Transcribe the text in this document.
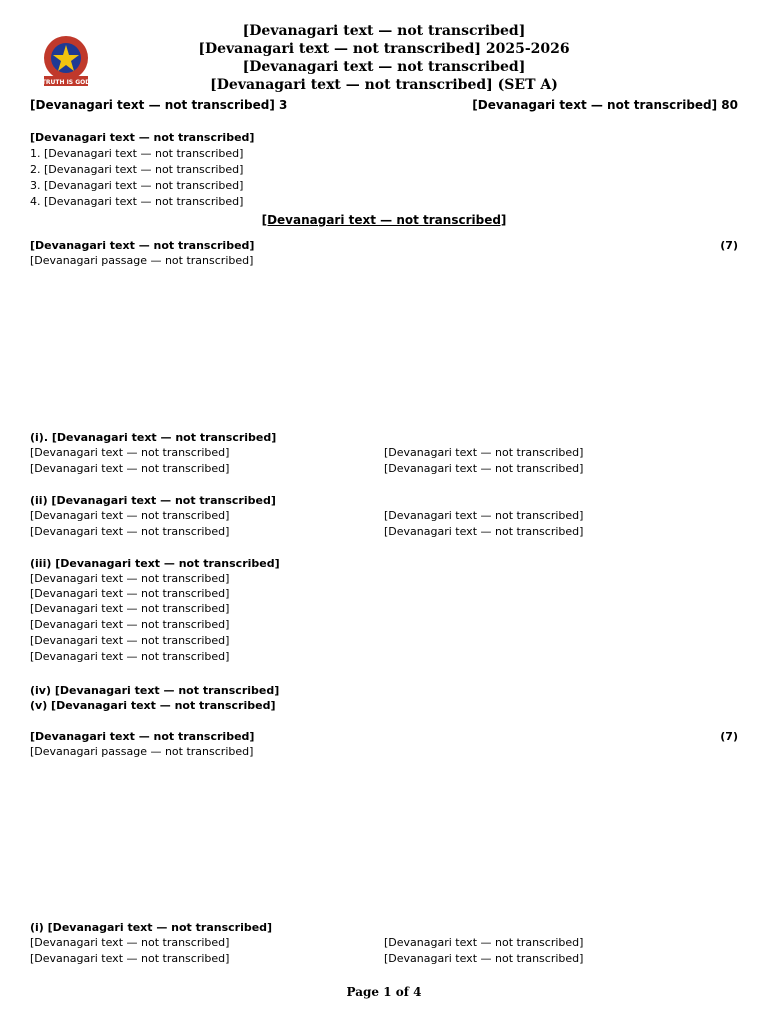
TRUTH IS GOD
[Devanagari text — not transcribed]
[Devanagari text — not transcribed] 2025-2026
[Devanagari text — not transcribed]
[Devanagari text — not transcribed] (SET A)
[Devanagari text — not transcribed] 3	[Devanagari text — not transcribed] 80
[Devanagari text — not transcribed]
1. [Devanagari text — not transcribed]
2. [Devanagari text — not transcribed]
3. [Devanagari text — not transcribed]
4. [Devanagari text — not transcribed]
[Devanagari text — not transcribed]
[Devanagari text — not transcribed]	(7)
[Devanagari passage — not transcribed]
(i). [Devanagari text — not transcribed]
[Devanagari text — not transcribed]	[Devanagari text — not transcribed]
[Devanagari text — not transcribed]	[Devanagari text — not transcribed]
(ii) [Devanagari text — not transcribed]
[Devanagari text — not transcribed]	[Devanagari text — not transcribed]
[Devanagari text — not transcribed]	[Devanagari text — not transcribed]
(iii) [Devanagari text — not transcribed]
[Devanagari text — not transcribed]
[Devanagari text — not transcribed]
[Devanagari text — not transcribed]
[Devanagari text — not transcribed]
[Devanagari text — not transcribed]
[Devanagari text — not transcribed]
(iv) [Devanagari text — not transcribed]
(v) [Devanagari text — not transcribed]
[Devanagari text — not transcribed]	(7)
[Devanagari passage — not transcribed]
(i) [Devanagari text — not transcribed]
[Devanagari text — not transcribed]	[Devanagari text — not transcribed]
[Devanagari text — not transcribed]	[Devanagari text — not transcribed]
Page 1 of 4
